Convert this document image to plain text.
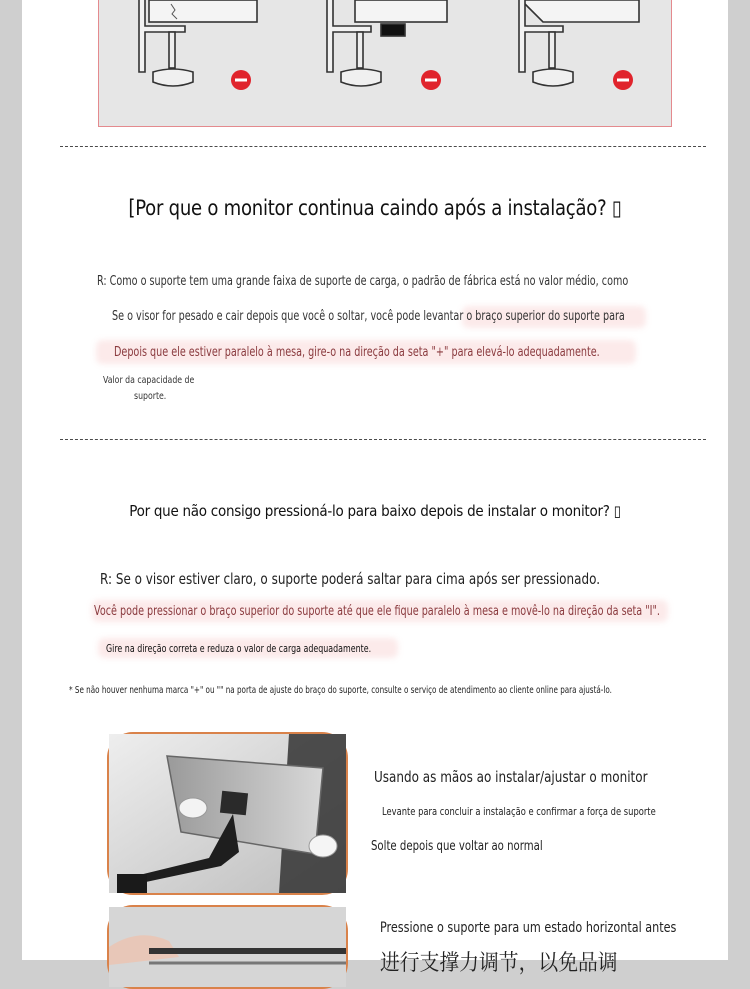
[Por que o monitor continua caindo após a instalação? ▯
R: Como o suporte tem uma grande faixa de suporte de carga, o padrão de fábrica está no valor médio, como
Se o visor for pesado e cair depois que você o soltar, você pode levantar o braço superior do suporte para
Depois que ele estiver paralelo à mesa, gire-o na direção da seta "+" para elevá-lo adequadamente.
Valor da capacidade de
suporte.
Por que não consigo pressioná-lo para baixo depois de instalar o monitor? ▯
R: Se o visor estiver claro, o suporte poderá saltar para cima após ser pressionado.
Você pode pressionar o braço superior do suporte até que ele fique paralelo à mesa e movê-lo na direção da seta "I".
Gire na direção correta e reduza o valor de carga adequadamente.
* Se não houver nenhuma marca "+" ou "" na porta de ajuste do braço do suporte, consulte o serviço de atendimento ao cliente online para ajustá-lo.
Usando as mãos ao instalar/ajustar o monitor
Levante para concluir a instalação e confirmar a força de suporte
Solte depois que voltar ao normal
Pressione o suporte para um estado horizontal antes
进行支撑力调节，以免品调
